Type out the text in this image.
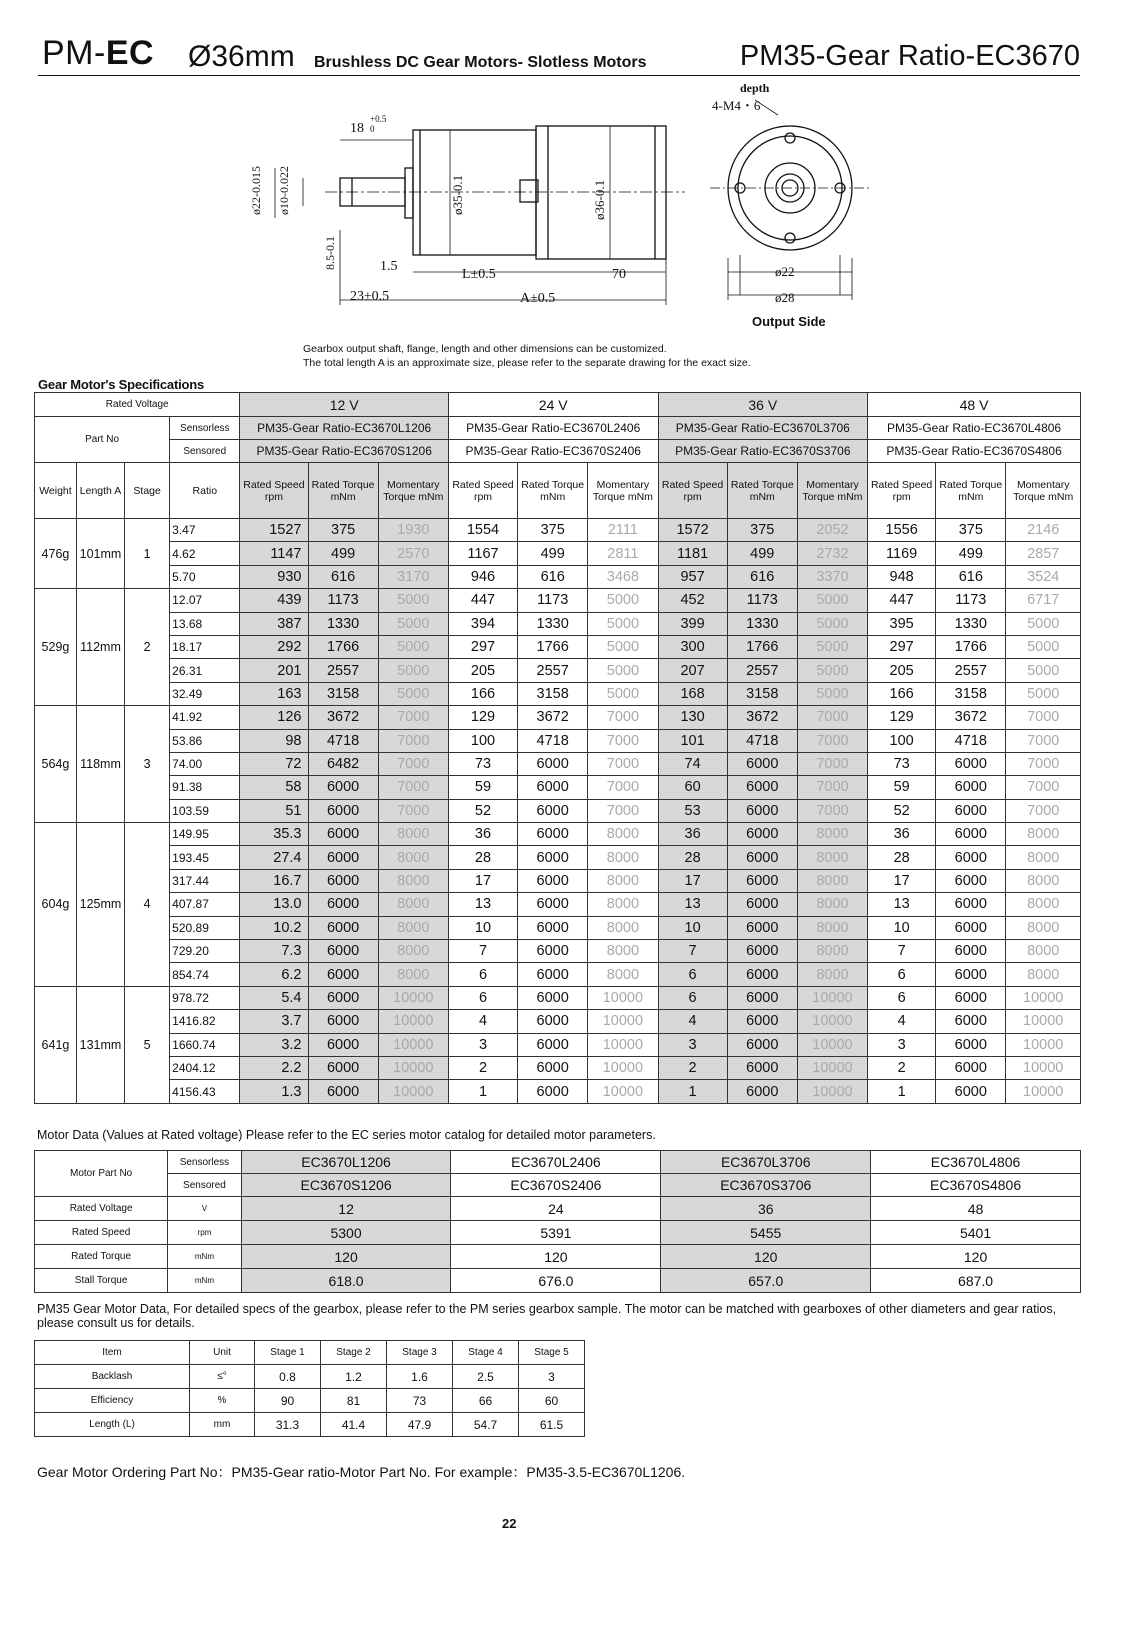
PM-EC Ø36mm Brushless DC Gear Motors- Slotless Motors	PM35-Gear Ratio-EC3670
18
+0.5
0
ø22-0.015 ø10-0.022	ø35-0.1	ø36-0.1
8.5-0.1	1.5
L±0.5	70
23±0.5	A±0.5
depth
4-M4・6
ø22
ø28
Output Side
Gearbox output shaft, flange, length and other dimensions can be customized.
The total length A is an approximate size, please refer to the separate drawing for the exact size.
Gear Motor's Specifications
Rated Voltage				12 V			24 V			36 V			48 V		
Part No			Sensorless	PM35-Gear Ratio-EC3670L1206			PM35-Gear Ratio-EC3670L2406			PM35-Gear Ratio-EC3670L3706			PM35-Gear Ratio-EC3670L4806		
			Sensored	PM35-Gear Ratio-EC3670S1206			PM35-Gear Ratio-EC3670S2406			PM35-Gear Ratio-EC3670S3706			PM35-Gear Ratio-EC3670S4806		
Weight	Length A	Stage	Ratio	Rated Speed rpm	Rated Torque mNm	Momentary Torque mNm	Rated Speed rpm	Rated Torque mNm	Momentary Torque mNm	Rated Speed rpm	Rated Torque mNm	Momentary Torque mNm	Rated Speed rpm	Rated Torque mNm	Momentary Torque mNm
476g	101mm	1	3.47	1527	375	1930	1554	375	2111	1572	375	2052	1556	375	2146
			4.62	1147	499	2570	1167	499	2811	1181	499	2732	1169	499	2857
			5.70	930	616	3170	946	616	3468	957	616	3370	948	616	3524
529g	112mm	2	12.07	439	1173	5000	447	1173	5000	452	1173	5000	447	1173	6717
			13.68	387	1330	5000	394	1330	5000	399	1330	5000	395	1330	5000
			18.17	292	1766	5000	297	1766	5000	300	1766	5000	297	1766	5000
			26.31	201	2557	5000	205	2557	5000	207	2557	5000	205	2557	5000
			32.49	163	3158	5000	166	3158	5000	168	3158	5000	166	3158	5000
564g	118mm	3	41.92	126	3672	7000	129	3672	7000	130	3672	7000	129	3672	7000
			53.86	98	4718	7000	100	4718	7000	101	4718	7000	100	4718	7000
			74.00	72	6482	7000	73	6000	7000	74	6000	7000	73	6000	7000
			91.38	58	6000	7000	59	6000	7000	60	6000	7000	59	6000	7000
			103.59	51	6000	7000	52	6000	7000	53	6000	7000	52	6000	7000
604g	125mm	4	149.95	35.3	6000	8000	36	6000	8000	36	6000	8000	36	6000	8000
			193.45	27.4	6000	8000	28	6000	8000	28	6000	8000	28	6000	8000
			317.44	16.7	6000	8000	17	6000	8000	17	6000	8000	17	6000	8000
			407.87	13.0	6000	8000	13	6000	8000	13	6000	8000	13	6000	8000
			520.89	10.2	6000	8000	10	6000	8000	10	6000	8000	10	6000	8000
			729.20	7.3	6000	8000	7	6000	8000	7	6000	8000	7	6000	8000
			854.74	6.2	6000	8000	6	6000	8000	6	6000	8000	6	6000	8000
641g	131mm	5	978.72	5.4	6000	10000	6	6000	10000	6	6000	10000	6	6000	10000
			1416.82	3.7	6000	10000	4	6000	10000	4	6000	10000	4	6000	10000
			1660.74	3.2	6000	10000	3	6000	10000	3	6000	10000	3	6000	10000
			2404.12	2.2	6000	10000	2	6000	10000	2	6000	10000	2	6000	10000
			4156.43	1.3	6000	10000	1	6000	10000	1	6000	10000	1	6000	10000
Motor Data (Values at Rated voltage) Please refer to the EC series motor catalog for detailed motor parameters.
Motor Part No	Sensorless	EC3670L1206	EC3670L2406	EC3670L3706	EC3670L4806
	Sensored	EC3670S1206	EC3670S2406	EC3670S3706	EC3670S4806
Rated Voltage	V	12	24	36	48
Rated Speed	rpm	5300	5391	5455	5401
Rated Torque	mNm	120	120	120	120
Stall Torque	mNm	618.0	676.0	657.0	687.0
PM35 Gear Motor Data, For detailed specs of the gearbox, please refer to the PM series gearbox sample. The motor can be matched with gearboxes of other diameters and gear ratios, please consult us for details.
Item	Unit	Stage 1	Stage 2	Stage 3	Stage 4	Stage 5
Backlash	≤°	0.8	1.2	1.6	2.5	3
Efficiency	%	90	81	73	66	60
Length (L)	mm	31.3	41.4	47.9	54.7	61.5
Gear Motor Ordering Part No：PM35-Gear ratio-Motor Part No. For example：PM35-3.5-EC3670L1206.
22
